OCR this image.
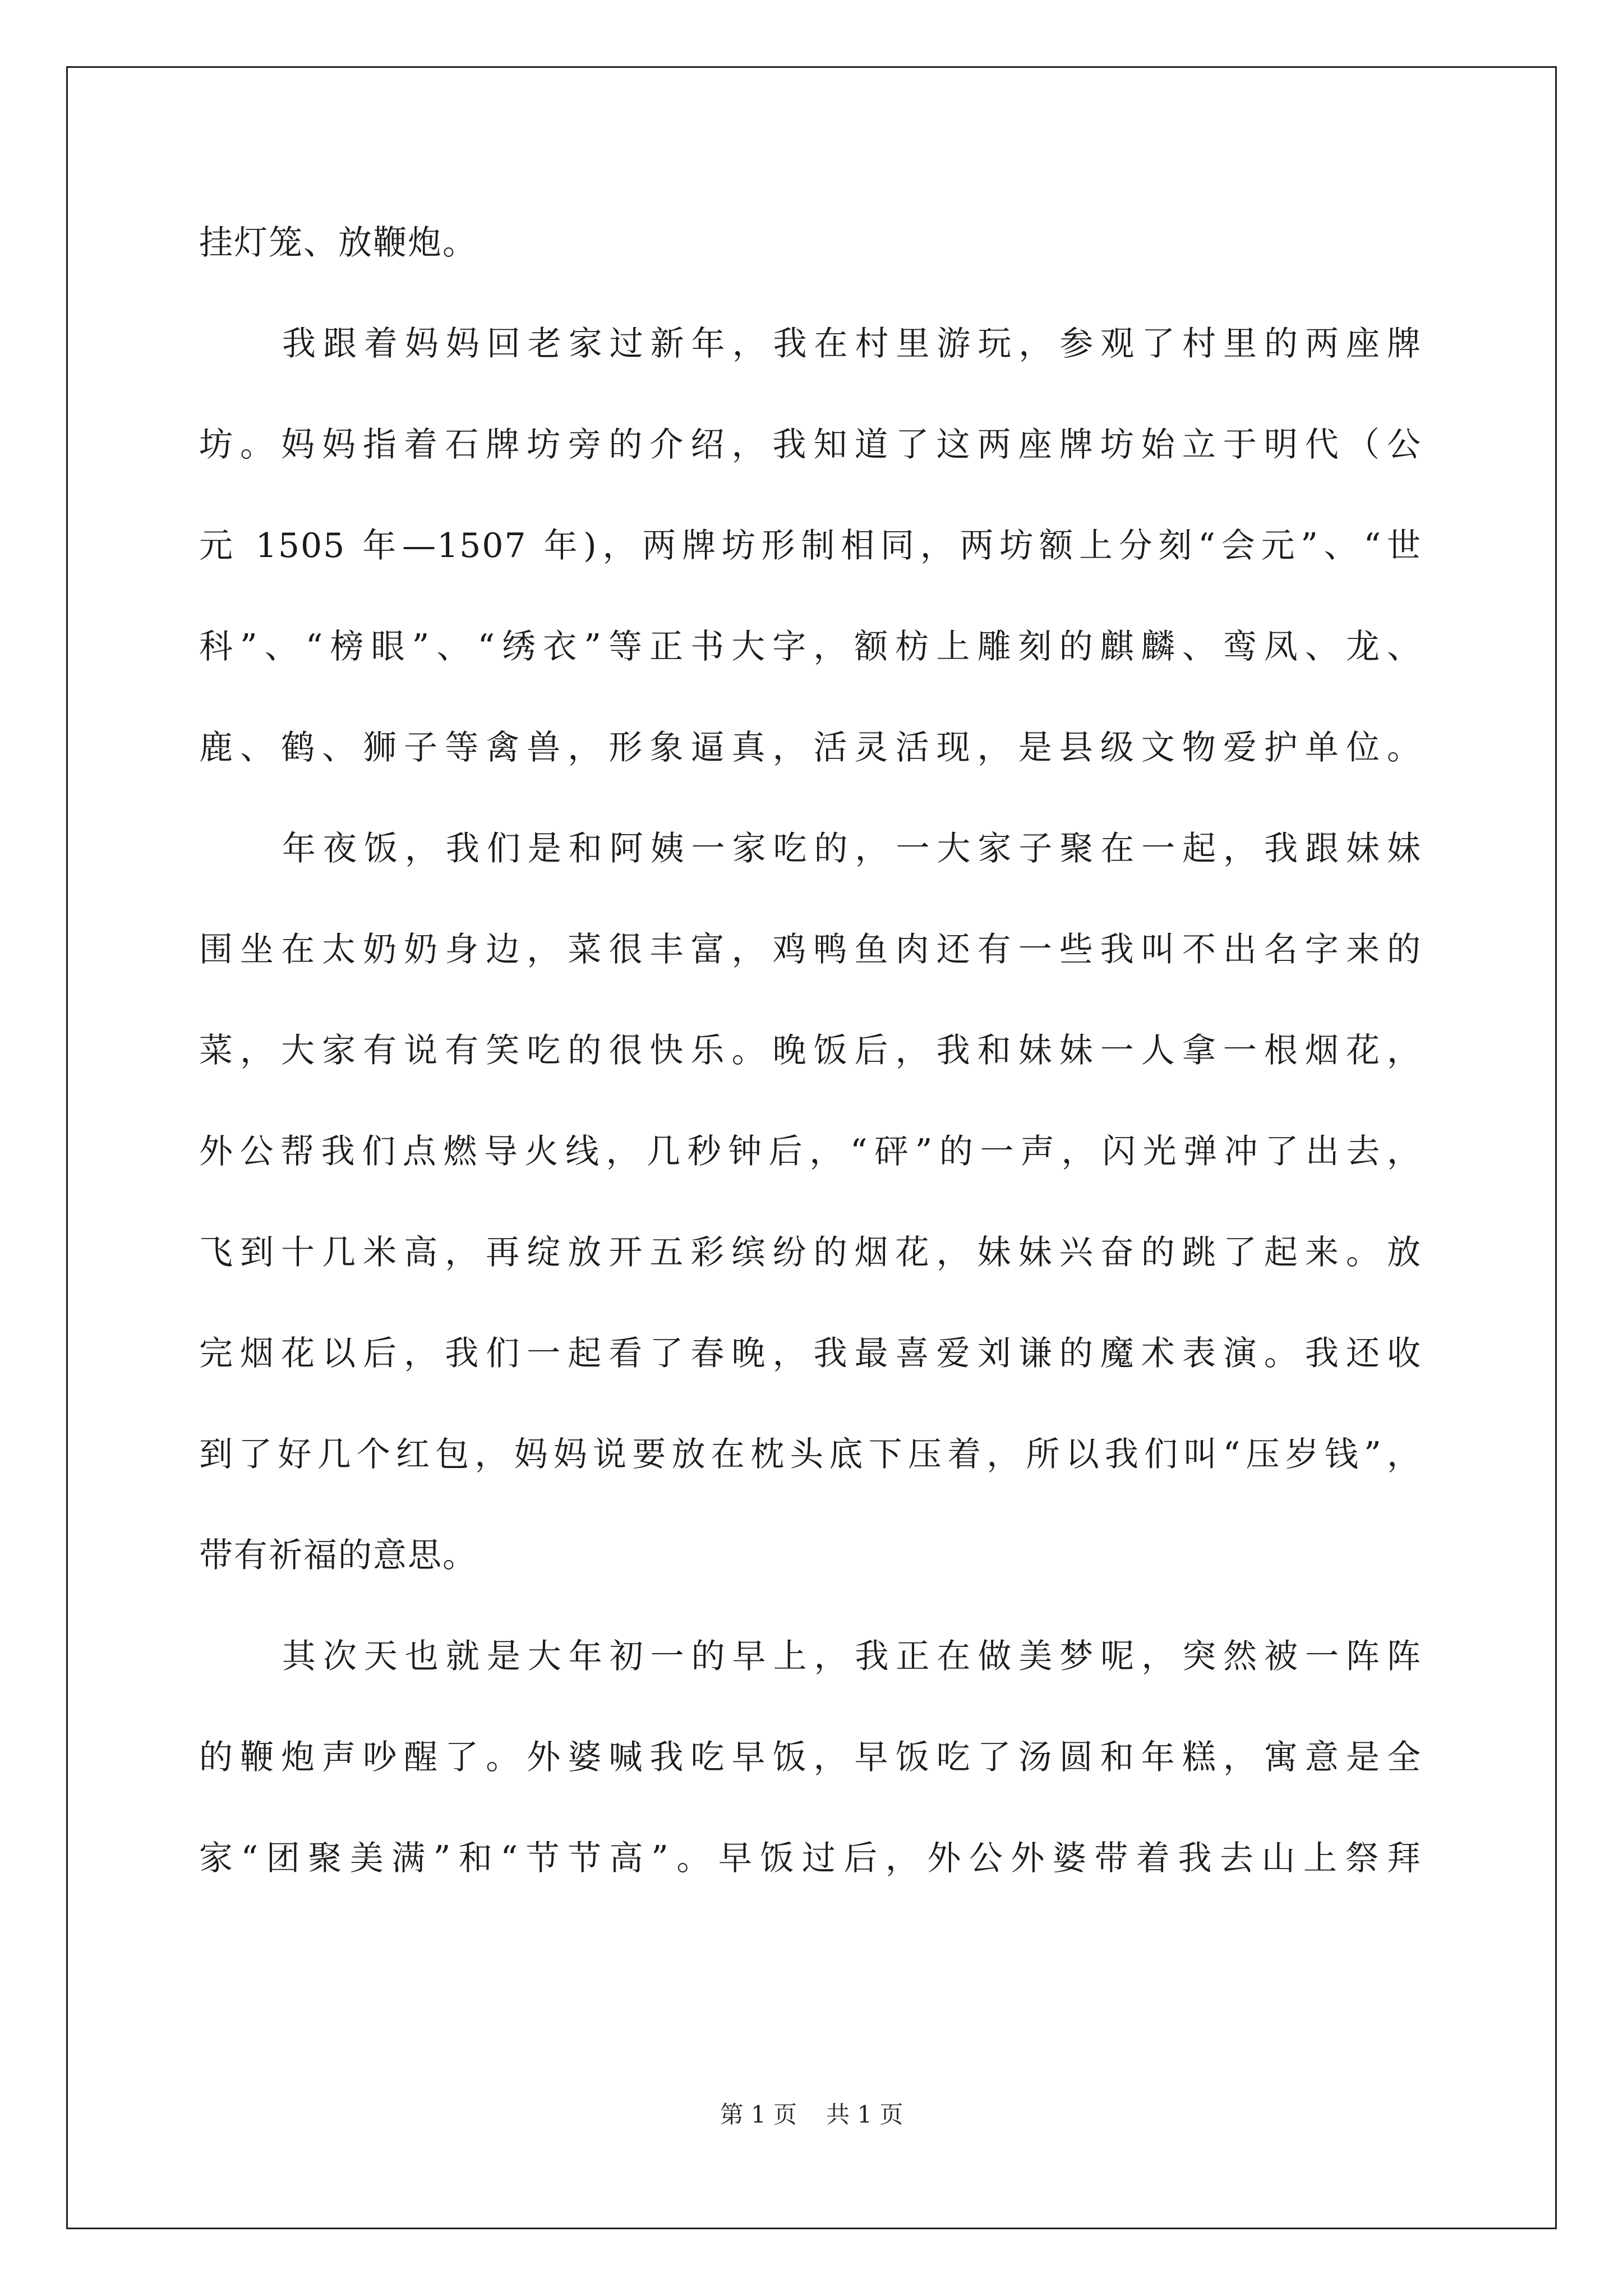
挂灯笼、放鞭炮。
我跟着妈妈回老家过新年，我在村里游玩，参观了村里的两座牌
坊。妈妈指着石牌坊旁的介绍，我知道了这两座牌坊始立于明代（公
元 1505 年—1507 年)，两牌坊形制相同，两坊额上分刻“会元”、“世
科”、“榜眼”、“绣衣”等正书大字，额枋上雕刻的麒麟、鸾凤、龙、
鹿、鹤、狮子等禽兽，形象逼真，活灵活现，是县级文物爱护单位。
年夜饭，我们是和阿姨一家吃的，一大家子聚在一起，我跟妹妹
围坐在太奶奶身边，菜很丰富，鸡鸭鱼肉还有一些我叫不出名字来的
菜，大家有说有笑吃的很快乐。晚饭后，我和妹妹一人拿一根烟花，
外公帮我们点燃导火线，几秒钟后，“砰”的一声，闪光弹冲了出去，
飞到十几米高，再绽放开五彩缤纷的烟花，妹妹兴奋的跳了起来。放
完烟花以后，我们一起看了春晚，我最喜爱刘谦的魔术表演。我还收
到了好几个红包，妈妈说要放在枕头底下压着，所以我们叫“压岁钱”，
带有祈福的意思。
其次天也就是大年初一的早上，我正在做美梦呢，突然被一阵阵
的鞭炮声吵醒了。外婆喊我吃早饭，早饭吃了汤圆和年糕，寓意是全
家“团聚美满”和“节节高”。早饭过后，外公外婆带着我去山上祭拜
第 1 页 共 1 页
